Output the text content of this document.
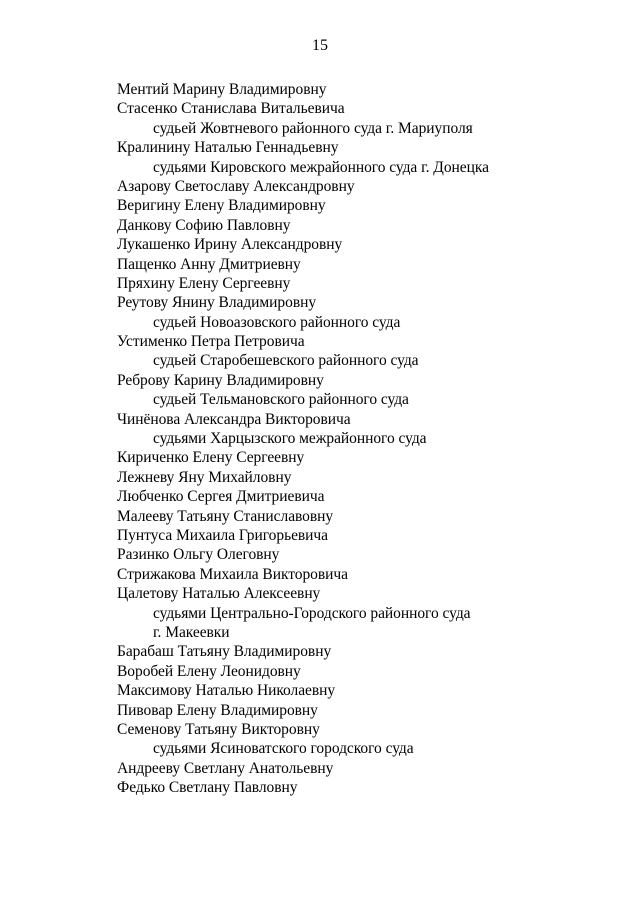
15
Ментий Марину Владимировну
Стасенко Станислава Витальевича
судьей Жовтневого районного суда г. Мариуполя
Кралинину Наталью Геннадьевну
судьями Кировского межрайонного суда г. Донецка
Азарову Светославу Александровну
Веригину Елену Владимировну
Данкову Софию Павловну
Лукашенко Ирину Александровну
Пащенко Анну Дмитриевну
Пряхину Елену Сергеевну
Реутову Янину Владимировну
судьей Новоазовского районного суда
Устименко Петра Петровича
судьей Старобешевского районного суда
Реброву Карину Владимировну
судьей Тельмановского районного суда
Чинёнова Александра Викторовича
судьями Харцызского межрайонного суда
Кириченко Елену Сергеевну
Лежневу Яну Михайловну
Любченко Сергея Дмитриевича
Малееву Татьяну Станиславовну
Пунтуса Михаила Григорьевича
Разинко Ольгу Олеговну
Стрижакова Михаила Викторовича
Цалетову Наталью Алексеевну
судьями Центрально-Городского районного суда
г. Макеевки
Барабаш Татьяну Владимировну
Воробей Елену Леонидовну
Максимову Наталью Николаевну
Пивовар Елену Владимировну
Семенову Татьяну Викторовну
судьями Ясиноватского городского суда
Андрееву Светлану Анатольевну
Федько Светлану Павловну
